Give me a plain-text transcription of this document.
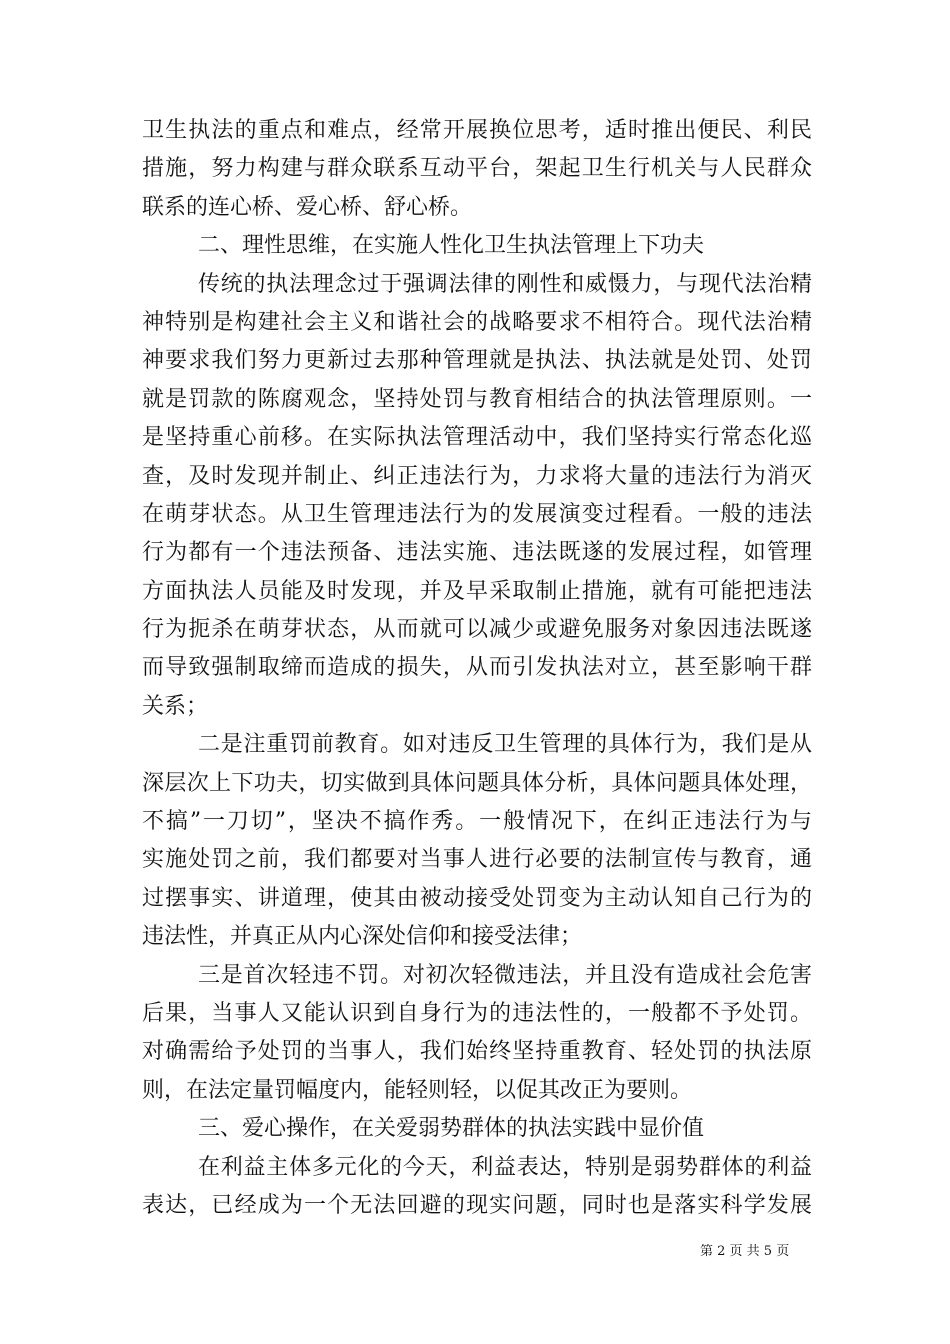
卫生执法的重点和难点，经常开展换位思考，适时推出便民、利民
措施，努力构建与群众联系互动平台，架起卫生行机关与人民群众
联系的连心桥、爱心桥、舒心桥。
二、理性思维，在实施人性化卫生执法管理上下功夫
传统的执法理念过于强调法律的刚性和威慑力，与现代法治精
神特别是构建社会主义和谐社会的战略要求不相符合。现代法治精
神要求我们努力更新过去那种管理就是执法、执法就是处罚、处罚
就是罚款的陈腐观念，坚持处罚与教育相结合的执法管理原则。一
是坚持重心前移。在实际执法管理活动中，我们坚持实行常态化巡
查，及时发现并制止、纠正违法行为，力求将大量的违法行为消灭
在萌芽状态。从卫生管理违法行为的发展演变过程看。一般的违法
行为都有一个违法预备、违法实施、违法既遂的发展过程，如管理
方面执法人员能及时发现，并及早采取制止措施，就有可能把违法
行为扼杀在萌芽状态，从而就可以减少或避免服务对象因违法既遂
而导致强制取缔而造成的损失，从而引发执法对立，甚至影响干群
关系；
二是注重罚前教育。如对违反卫生管理的具体行为，我们是从
深层次上下功夫，切实做到具体问题具体分析，具体问题具体处理，
不搞”一刀切”，坚决不搞作秀。一般情况下，在纠正违法行为与
实施处罚之前，我们都要对当事人进行必要的法制宣传与教育，通
过摆事实、讲道理，使其由被动接受处罚变为主动认知自己行为的
违法性，并真正从内心深处信仰和接受法律；
三是首次轻违不罚。对初次轻微违法，并且没有造成社会危害
后果，当事人又能认识到自身行为的违法性的，一般都不予处罚。
对确需给予处罚的当事人，我们始终坚持重教育、轻处罚的执法原
则，在法定量罚幅度内，能轻则轻，以促其改正为要则。
三、爱心操作，在关爱弱势群体的执法实践中显价值
在利益主体多元化的今天，利益表达，特别是弱势群体的利益
表达，已经成为一个无法回避的现实问题，同时也是落实科学发展
第 2 页 共 5 页
